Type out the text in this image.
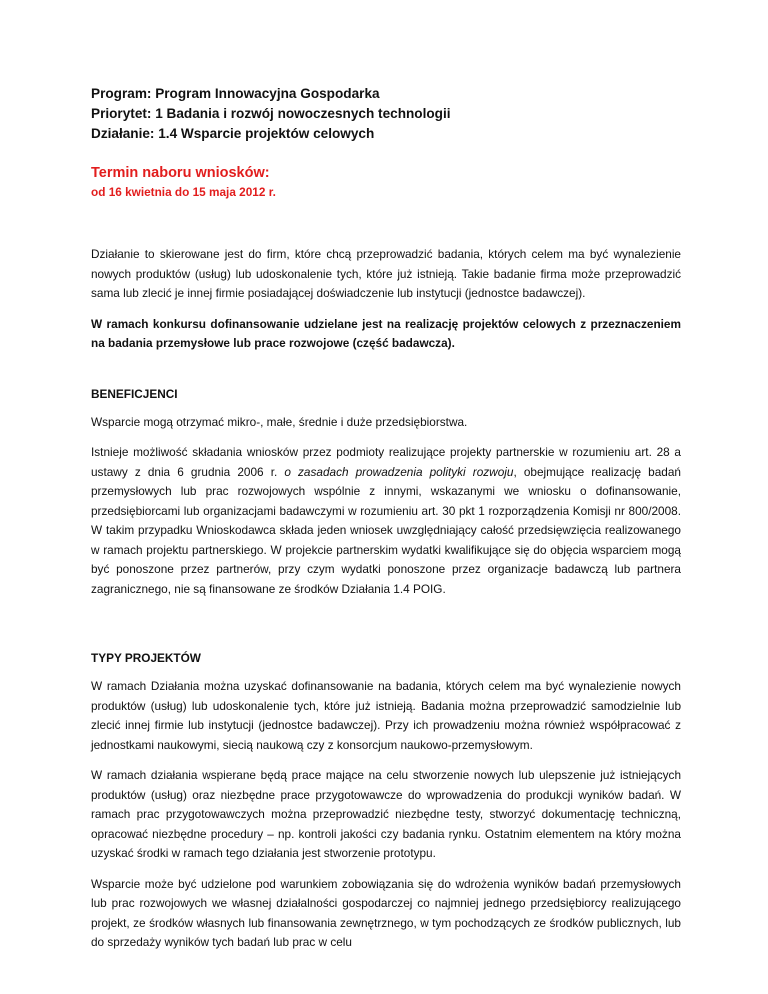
Program: Program Innowacyjna Gospodarka
Priorytet: 1 Badania i rozwój nowoczesnych technologii
Działanie: 1.4 Wsparcie projektów celowych
Termin naboru wniosków:
od 16 kwietnia do 15 maja 2012 r.

Działanie to skierowane jest do firm, które chcą przeprowadzić badania, których celem ma być wynalezienie nowych produktów (usług) lub udoskonalenie tych, które już istnieją. Takie badanie firma może przeprowadzić sama lub zlecić je innej firmie posiadającej doświadczenie lub instytucji (jednostce badawczej).

W ramach konkursu dofinansowanie udzielane jest na realizację projektów celowych z przeznaczeniem na badania przemysłowe lub prace rozwojowe (część badawcza).

BENEFICJENCI

Wsparcie mogą otrzymać mikro-, małe, średnie i duże przedsiębiorstwa.

Istnieje możliwość składania wniosków przez podmioty realizujące projekty partnerskie w rozumieniu art. 28 a ustawy z dnia 6 grudnia 2006 r. o zasadach prowadzenia polityki rozwoju, obejmujące realizację badań przemysłowych lub prac rozwojowych wspólnie z innymi, wskazanymi we wniosku o dofinansowanie, przedsiębiorcami lub organizacjami badawczymi w rozumieniu art. 30 pkt 1 rozporządzenia Komisji nr 800/2008. W takim przypadku Wnioskodawca składa jeden wniosek uwzględniający całość przedsięwzięcia realizowanego w ramach projektu partnerskiego. W projekcie partnerskim wydatki kwalifikujące się do objęcia wsparciem mogą być ponoszone przez partnerów, przy czym wydatki ponoszone przez organizacje badawczą lub partnera zagranicznego, nie są finansowane ze środków Działania 1.4 POIG.

TYPY PROJEKTÓW

W ramach Działania można uzyskać dofinansowanie na badania, których celem ma być wynalezienie nowych produktów (usług) lub udoskonalenie tych, które już istnieją. Badania można przeprowadzić samodzielnie lub zlecić innej firmie lub instytucji (jednostce badawczej). Przy ich prowadzeniu można również współpracować z jednostkami naukowymi, siecią naukową czy z konsorcjum naukowo-przemysłowym.

W ramach działania wspierane będą prace mające na celu stworzenie nowych lub ulepszenie już istniejących produktów (usług) oraz niezbędne prace przygotowawcze do wprowadzenia do produkcji wyników badań. W ramach prac przygotowawczych można przeprowadzić niezbędne testy, stworzyć dokumentację techniczną, opracować niezbędne procedury – np. kontroli jakości czy badania rynku. Ostatnim elementem na który można uzyskać środki w ramach tego działania jest stworzenie prototypu.

Wsparcie może być udzielone pod warunkiem zobowiązania się do wdrożenia wyników badań przemysłowych lub prac rozwojowych we własnej działalności gospodarczej co najmniej jednego przedsiębiorcy realizującego projekt, ze środków własnych lub finansowania zewnętrznego, w tym pochodzących ze środków publicznych, lub do sprzedaży wyników tych badań lub prac w celu
